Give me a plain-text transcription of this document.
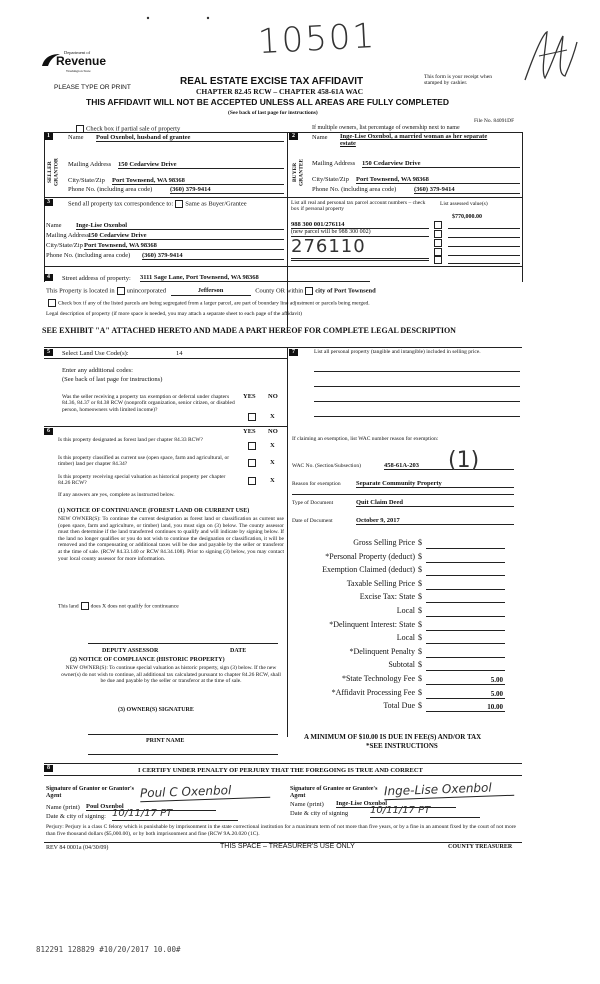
10501
Department of
Revenue
Washington State
PLEASE TYPE OR PRINT
REAL ESTATE EXCISE TAX AFFIDAVIT
CHAPTER 82.45 RCW – CHAPTER 458-61A WAC
THIS AFFIDAVIT WILL NOT BE ACCEPTED UNLESS ALL AREAS ARE FULLY COMPLETED
(See back of last page for instructions)
This form is your receipt when stamped by cashier.
File No. 84091DF
Check box if partial sale of property
1	Name Poul Oxenbol, husband of grantee
SELLER GRANTOR Mailing Address 150 Cedarview Drive
City/State/Zip Port Townsend, WA 98368
Phone No. (including area code)	(360) 379-9414
If multiple owners, list percentage of ownership next to name
2	Name Inge-Lise Oxenbol, a married woman as her separate estate
BUYER GRANTEE Mailing Address 150 Cedarview Drive
City/State/Zip Port Townsend, WA 98368
Phone No. (including area code)	(360) 379-9414
3	Send all property tax correspondence to: Same as Buyer/Grantee
Name Inge-Lise Oxenbol
Mailing Address
150 Cedarview Drive
City/State/Zip Port Townsend, WA 98368
Phone No. (including area code) (360) 379-9414
List all real and personal tax parcel account numbers – check box if personal property
List assessed value(s)
$770,000.00
988 300 001/276114
(new parcel will be 988 300 002)
276110
4	Street address of property: 3111 Sage Lane, Port Townsend, WA 98368
This Property is located in unincorporated	Jefferson	County OR within city of Port Townsend
Check box if any of the listed parcels are being segregated from a larger parcel, are part of boundary line adjustment or parcels being merged.
Legal description of property (if more space is needed, you may attach a separate sheet to each page of the affidavit)
SEE EXHIBIT "A" ATTACHED HERETO AND MADE A PART HEREOF FOR COMPLETE LEGAL DESCRIPTION
5	Select Land Use Code(s):	14
Enter any additional codes:
(See back of last page for instructions)
Was the seller receiving a property tax exemption or deferral under chapters 84.36, 84.37 or 84.38 RCW (nonprofit organization, senior citizen, or disabled person, homeowners with limited income)?
YES NO
X
6	YES NO
Is this property designated as forest land per chapter 84.33 RCW?
X
Is this property classified as current use (open space, farm and agricultural, or timber) land per chapter 84.34?	X
Is this property receiving special valuation as historical property per chapter 84.26 RCW?	X
If any answers are yes, complete as instructed below.
(1) NOTICE OF CONTINUANCE (FOREST LAND OR CURRENT USE)
NEW OWNER(S): To continue the current designation as forest land or classification as current use (open space, farm and agriculture, or timber) land, you must sign on (3) below. The county assessor must then determine if the land transferred continues to qualify and will indicate by signing below. If the land no longer qualifies or you do not wish to continue the designation or classification, it will be removed and the compensating or additional taxes will be due and payable by the seller or transferor at the time of sale. (RCW 84.33.140 or RCW 84.34.108). Prior to signing (3) below, you may contact your local county assessor for more information.
This land does X does not qualify for continuance
DEPUTY ASSESSOR	DATE
(2) NOTICE OF COMPLIANCE (HISTORIC PROPERTY)
NEW OWNER(S): To continue special valuation as historic property, sign (3) below. If the new owner(s) do not wish to continue, all additional tax calculated pursuant to chapter 84.26 RCW, shall be due and payable by the seller or transferor at the time of sale.
(3) OWNER(S) SIGNATURE
PRINT NAME
7	List all personal property (tangible and intangible) included in selling price.
If claiming an exemption, list WAC number reason for exemption:
WAC No. (Section/Subsection)	458-61A-203	(1)
Reason for exemption Separate Community Property
Type of Document	Quit Claim Deed
Date of Document	October 9, 2017
Gross Selling Price $
*Personal Property (deduct) $
Exemption Claimed (deduct) $
Taxable Selling Price $
Excise Tax: State $
Local $
*Delinquent Interest: State $
Local $
*Delinquent Penalty $
Subtotal $
*State Technology Fee $	5.00
*Affidavit Processing Fee $	5.00
Total Due $	10.00
A MINIMUM OF $10.00 IS DUE IN FEE(S) AND/OR TAX
*SEE INSTRUCTIONS
8	I CERTIFY UNDER PENALTY OF PERJURY THAT THE FOREGOING IS TRUE AND CORRECT
Signature of Grantor or Grantor's Agent	Poul C Oxenbol
Name (print) Poul Oxenbol
Date & city of signing: 10/11/17 PT
Signature of Grantee or Grantee's Agent	Inge-Lise Oxenbol
Name (print) Inge-Lise Oxenbol
Date & city of signing 10/11/17 PT
Perjury: Perjury is a class C felony which is punishable by imprisonment in the state correctional institution for a maximum term of not more than five years, or by a fine in an amount fixed by the court of not more than five thousand dollars ($5,000.00), or by both imprisonment and fine (RCW 9A.20.020 (1C).
REV 84 0001a (04/30/09)	THIS SPACE – TREASURER'S USE ONLY	COUNTY TREASURER
812291 128829 #10/20/2017 10.00#
